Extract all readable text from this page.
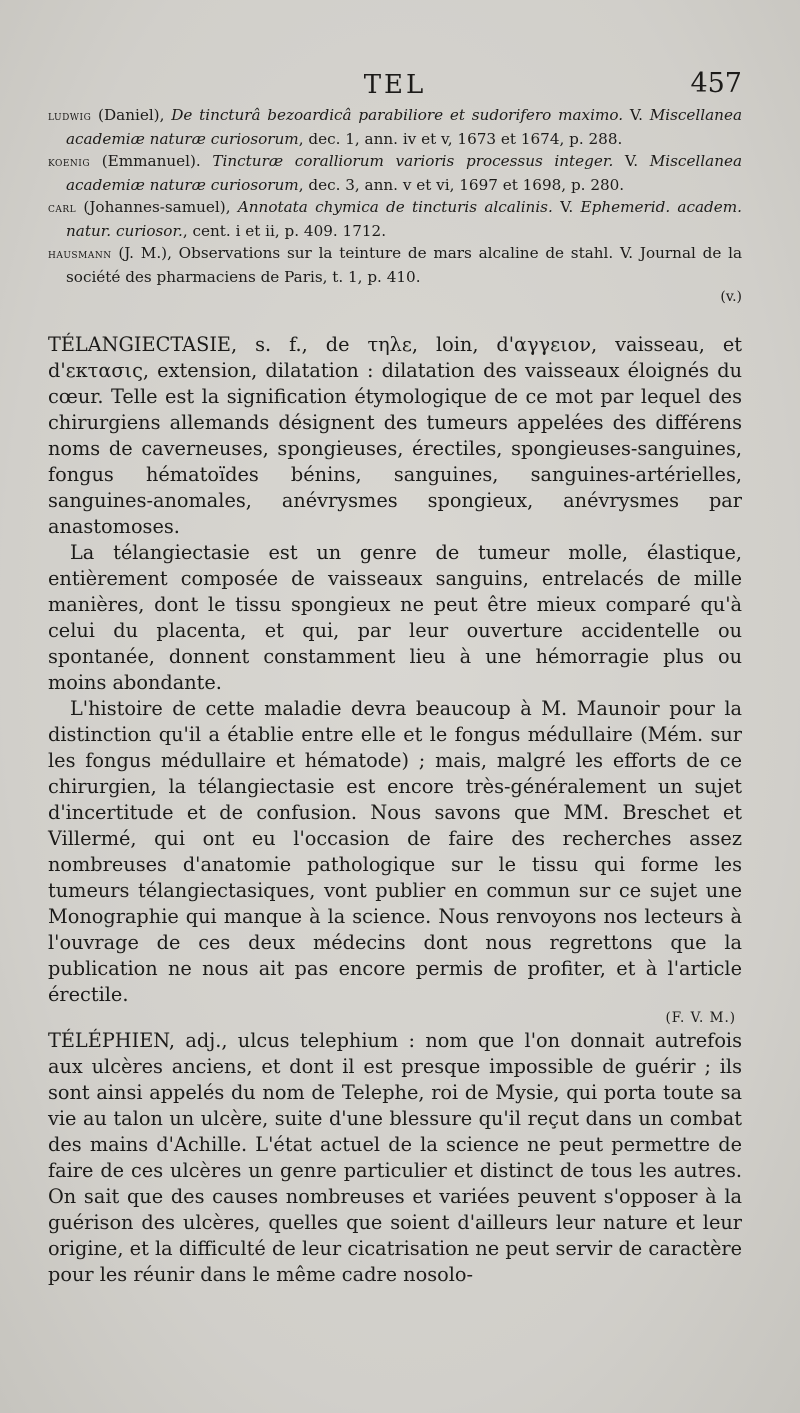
TEL	457

ludwig (Daniel), De tincturâ bezoardicâ parabiliore et sudorifero maximo. V. Miscellanea academiæ naturæ curiosorum, dec. 1, ann. iv et v, 1673 et 1674, p. 288.

koenig (Emmanuel). Tincturæ coralliorum varioris processus integer. V. Miscellanea academiæ naturæ curiosorum, dec. 3, ann. v et vi, 1697 et 1698, p. 280.

carl (Johannes-samuel), Annotata chymica de tincturis alcalinis. V. Ephemerid. academ. natur. curiosor., cent. i et ii, p. 409. 1712.

hausmann (J. M.), Observations sur la teinture de mars alcaline de stahl. V. Journal de la société des pharmaciens de Paris, t. 1, p. 410.

(v.)

TÉLANGIECTASIE, s. f., de τηλε, loin, d'αγγειον, vaisseau, et d'εκτασις, extension, dilatation : dilatation des vaisseaux éloignés du cœur. Telle est la signification étymologique de ce mot par lequel des chirurgiens allemands désignent des tumeurs appelées des différens noms de caverneuses, spongieuses, érectiles, spongieuses-sanguines, fongus hématoïdes bénins, sanguines, sanguines-artérielles, sanguines-anomales, anévrysmes spongieux, anévrysmes par anastomoses.

La télangiectasie est un genre de tumeur molle, élastique, entièrement composée de vaisseaux sanguins, entrelacés de mille manières, dont le tissu spongieux ne peut être mieux comparé qu'à celui du placenta, et qui, par leur ouverture accidentelle ou spontanée, donnent constamment lieu à une hémorragie plus ou moins abondante.

L'histoire de cette maladie devra beaucoup à M. Maunoir pour la distinction qu'il a établie entre elle et le fongus médullaire (Mém. sur les fongus médullaire et hématode) ; mais, malgré les efforts de ce chirurgien, la télangiectasie est encore très-généralement un sujet d'incertitude et de confusion. Nous savons que MM. Breschet et Villermé, qui ont eu l'occasion de faire des recherches assez nombreuses d'anatomie pathologique sur le tissu qui forme les tumeurs télangiectasiques, vont publier en commun sur ce sujet une Monographie qui manque à la science. Nous renvoyons nos lecteurs à l'ouvrage de ces deux médecins dont nous regrettons que la publication ne nous ait pas encore permis de profiter, et à l'article érectile.

(F. V. M.)

TÉLÉPHIEN, adj., ulcus telephium : nom que l'on donnait autrefois aux ulcères anciens, et dont il est presque impossible de guérir ; ils sont ainsi appelés du nom de Telephe, roi de Mysie, qui porta toute sa vie au talon un ulcère, suite d'une blessure qu'il reçut dans un combat des mains d'Achille. L'état actuel de la science ne peut permettre de faire de ces ulcères un genre particulier et distinct de tous les autres. On sait que des causes nombreuses et variées peuvent s'opposer à la guérison des ulcères, quelles que soient d'ailleurs leur nature et leur origine, et la difficulté de leur cicatrisation ne peut servir de caractère pour les réunir dans le même cadre nosolo-
